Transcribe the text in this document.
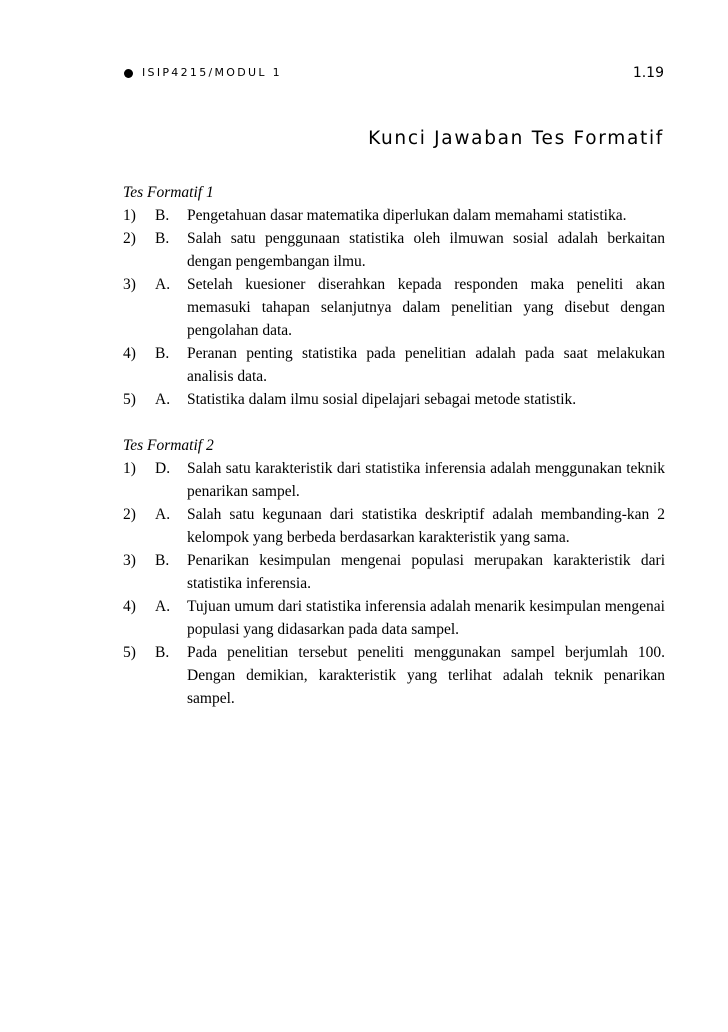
ISIP4215/MODUL 1	1.19
Kunci Jawaban Tes Formatif

Tes Formatif 1

1)	B.	Pengetahuan dasar matematika diperlukan dalam memahami statistika.
2)	B.	Salah satu penggunaan statistika oleh ilmuwan sosial adalah berkaitan dengan pengembangan ilmu.
3)	A.	Setelah kuesioner diserahkan kepada responden maka peneliti akan memasuki tahapan selanjutnya dalam penelitian yang disebut dengan pengolahan data.
4)	B.	Peranan penting statistika pada penelitian adalah pada saat melakukan analisis data.
5)	A.	Statistika dalam ilmu sosial dipelajari sebagai metode statistik.

Tes Formatif 2

1)	D.	Salah satu karakteristik dari statistika inferensia adalah menggunakan teknik penarikan sampel.
2)	A.	Salah satu kegunaan dari statistika deskriptif adalah membanding-kan 2 kelompok yang berbeda berdasarkan karakteristik yang sama.
3)	B.	Penarikan kesimpulan mengenai populasi merupakan karakteristik dari statistika inferensia.
4)	A.	Tujuan umum dari statistika inferensia adalah menarik kesimpulan mengenai populasi yang didasarkan pada data sampel.
5)	B.	Pada penelitian tersebut peneliti menggunakan sampel berjumlah 100. Dengan demikian, karakteristik yang terlihat adalah teknik penarikan sampel.
